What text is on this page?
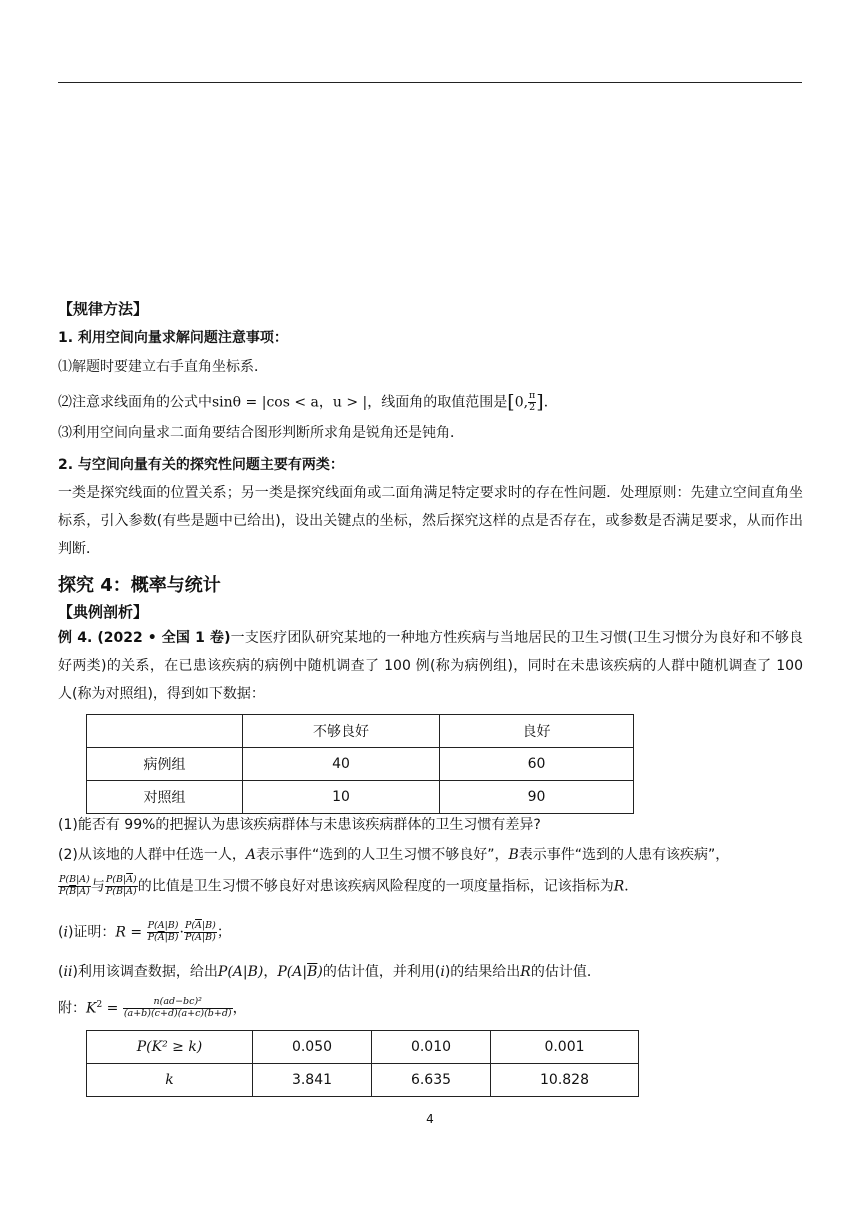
【规律方法】
1. 利用空间向量求解问题注意事项：
⑴解题时要建立右手直角坐标系．
⑵注意求线面角的公式中sinθ = |cos < a，u > |，线面角的取值范围是[0, $\frac{\pi}{2}$ ]．
⑶利用空间向量求二面角要结合图形判断所求角是锐角还是钝角．
2. 与空间向量有关的探究性问题主要有两类：
一类是探究线面的位置关系；另一类是探究线面角或二面角满足特定要求时的存在性问题．处理原则：先建立空间直角坐标系，引入参数(有些是题中已给出)，设出关键点的坐标，然后探究这样的点是否存在，或参数是否满足要求，从而作出判断．
探究 4：概率与统计
【典例剖析】
例 4. (2022 • 全国 1 卷)一支医疗团队研究某地的一种地方性疾病与当地居民的卫生习惯(卫生习惯分为良好和不够良好两类)的关系，在已患该疾病的病例中随机调查了 100 例(称为病例组)，同时在未患该疾病的人群中随机调查了 100 人(称为对照组)，得到如下数据：
	不够良好	良好
病例组	40	60
对照组	10	90
(1)能否有 99%的把握认为患该疾病群体与未患该疾病群体的卫生习惯有差异?
(2)从该地的人群中任选一人，A表示事件“选到的人卫生习惯不够良好”，B表示事件“选到的人患有该疾病”，
$\frac{P(B|A)}{P(\overline{B}|A)}$ 与 $\frac{P(B|\overline{A})}{P(B|A)}$ 的比值是卫生习惯不够良好对患该疾病风险程度的一项度量指标，记该指标为R．
(i)证明：$R = \frac{P(A|B)}{P(\overline{A}|B)} \cdot \frac{P(\overline{A}|B)}{P(A|B)}$ ；
(ii)利用该调查数据，给出P(A|B)，$P(A|\overline{B})$的估计值，并利用(i)的结果给出R的估计值．
附：$K^2 = \frac{\text{n(ad−bc)²}}{(a+b)(c+d)(a+c)(b+d)}$ ，
P(K² ≥ k)	0.050	0.010	0.001
k	3.841	6.635	10.828
4
